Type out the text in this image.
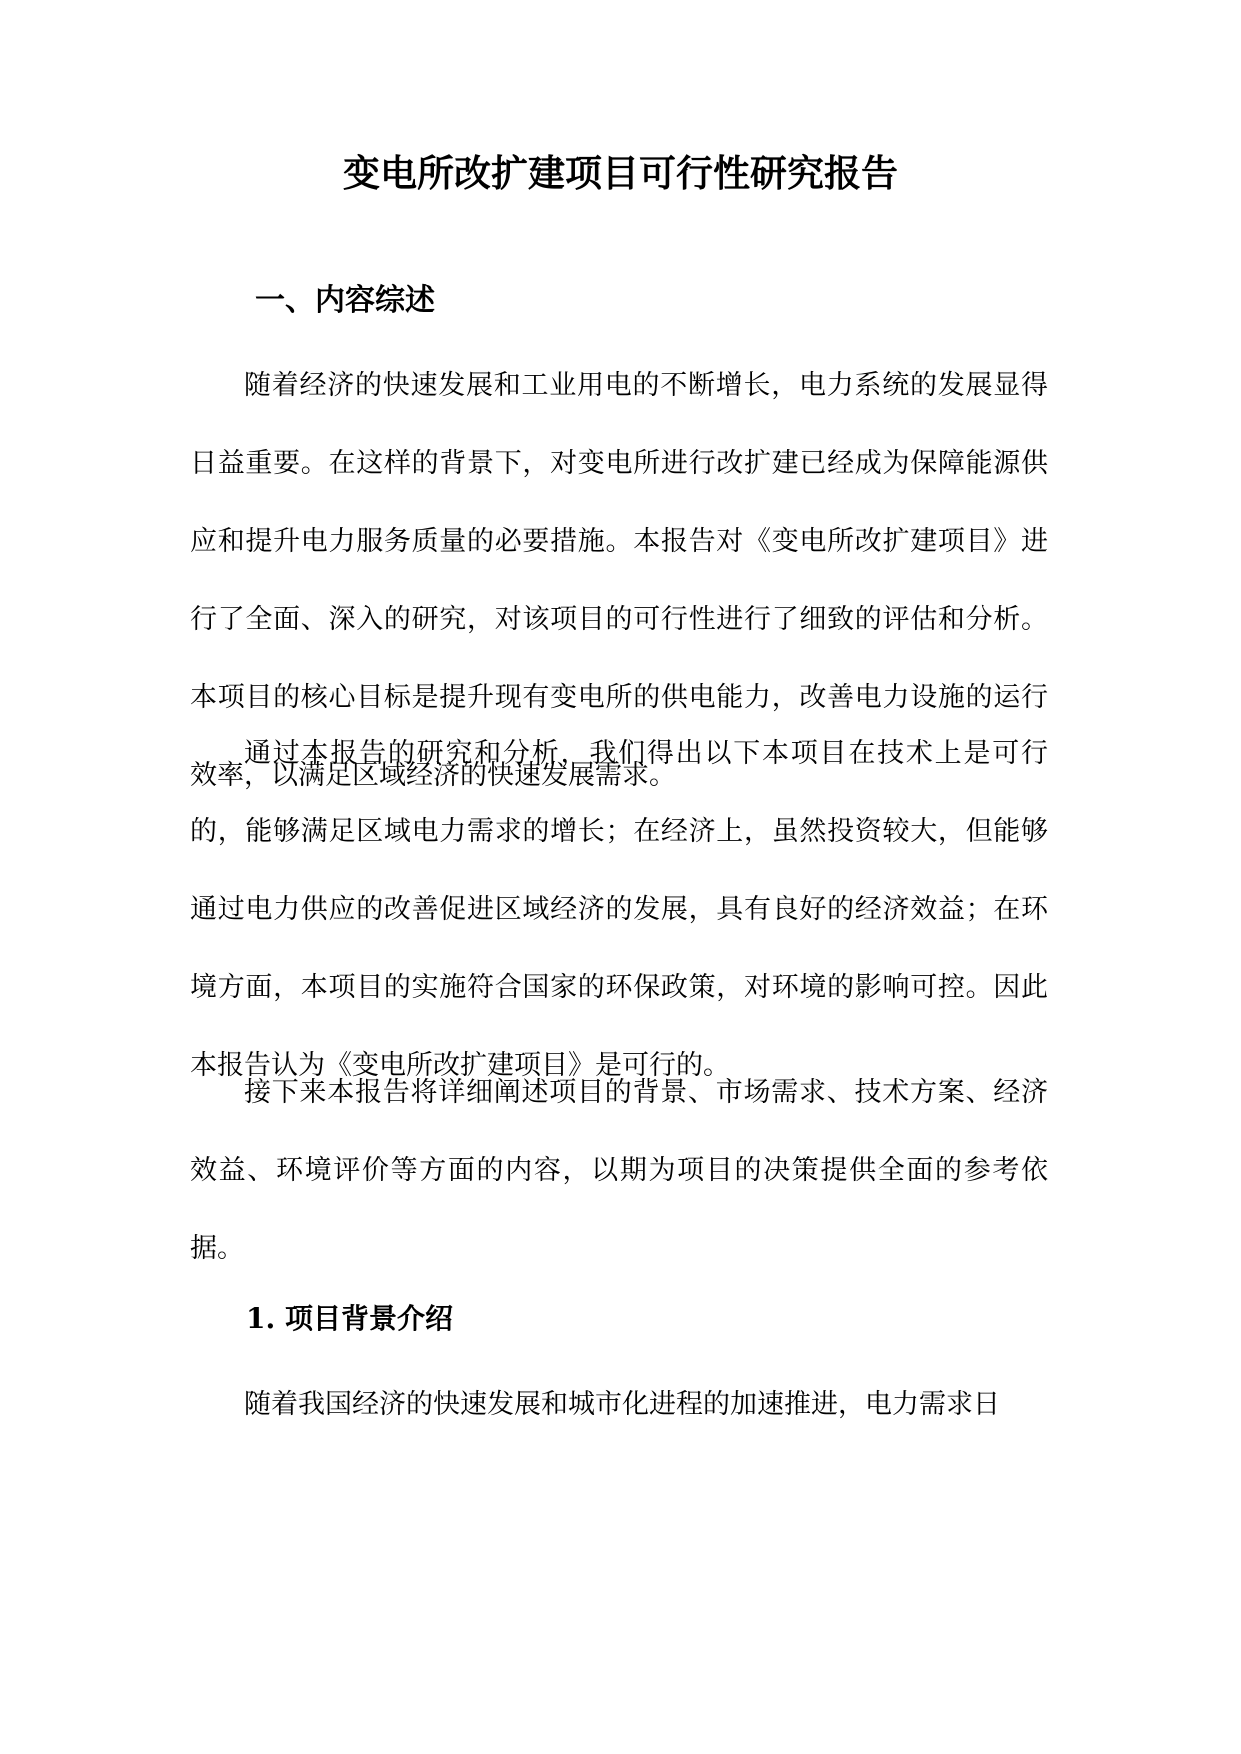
变电所改扩建项目可行性研究报告
一、内容综述

随着经济的快速发展和工业用电的不断增长，电力系统的发展显得日益重要。在这样的背景下，对变电所进行改扩建已经成为保障能源供应和提升电力服务质量的必要措施。本报告对《变电所改扩建项目》进行了全面、深入的研究，对该项目的可行性进行了细致的评估和分析。本项目的核心目标是提升现有变电所的供电能力，改善电力设施的运行效率，以满足区域经济的快速发展需求。

通过本报告的研究和分析，我们得出以下本项目在技术上是可行的，能够满足区域电力需求的增长；在经济上，虽然投资较大，但能够通过电力供应的改善促进区域经济的发展，具有良好的经济效益；在环境方面，本项目的实施符合国家的环保政策，对环境的影响可控。因此本报告认为《变电所改扩建项目》是可行的。

接下来本报告将详细阐述项目的背景、市场需求、技术方案、经济效益、环境评价等方面的内容，以期为项目的决策提供全面的参考依据。

1. 项目背景介绍

随着我国经济的快速发展和城市化进程的加速推进，电力需求日
